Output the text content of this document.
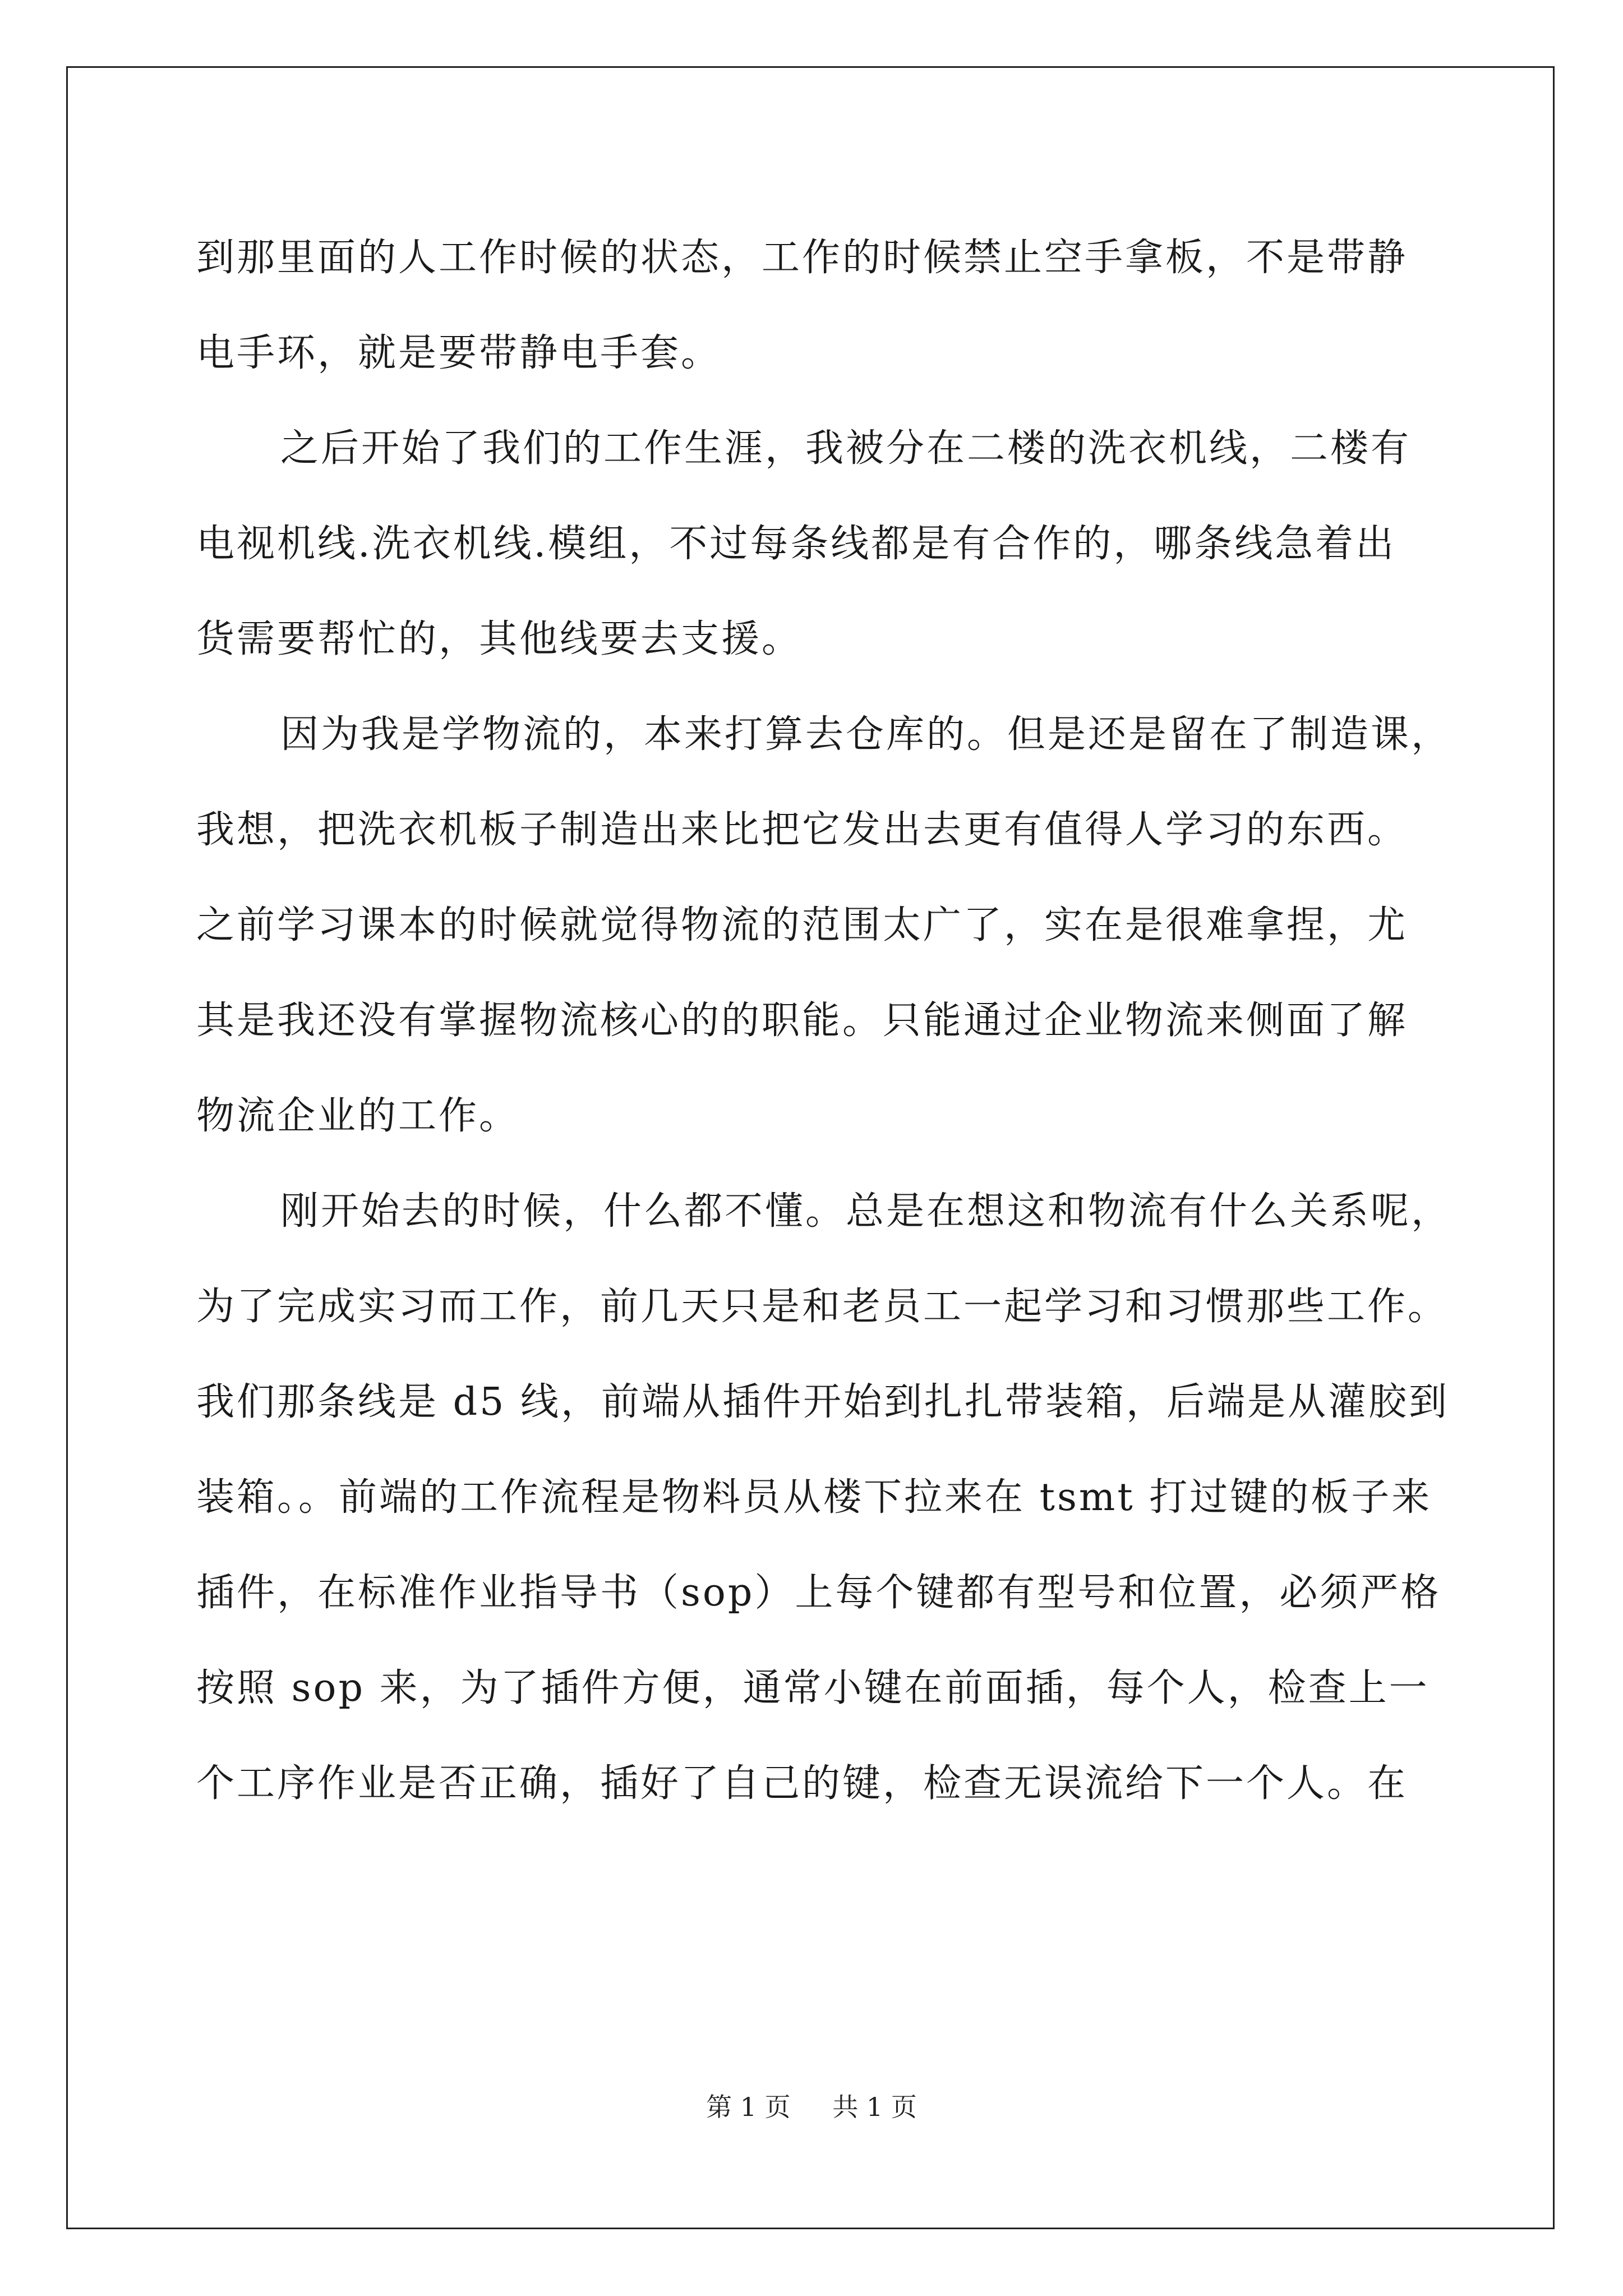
到那里面的人工作时候的状态，工作的时候禁止空手拿板，不是带静
电手环，就是要带静电手套。
之后开始了我们的工作生涯，我被分在二楼的洗衣机线，二楼有
电视机线.洗衣机线.模组，不过每条线都是有合作的，哪条线急着出
货需要帮忙的，其他线要去支援。
因为我是学物流的，本来打算去仓库的。但是还是留在了制造课，
我想，把洗衣机板子制造出来比把它发出去更有值得人学习的东西。
之前学习课本的时候就觉得物流的范围太广了，实在是很难拿捏，尤
其是我还没有掌握物流核心的的职能。只能通过企业物流来侧面了解
物流企业的工作。
刚开始去的时候，什么都不懂。总是在想这和物流有什么关系呢，
为了完成实习而工作，前几天只是和老员工一起学习和习惯那些工作。
我们那条线是 d5 线，前端从插件开始到扎扎带装箱，后端是从灌胶到
装箱。。前端的工作流程是物料员从楼下拉来在 tsmt 打过键的板子来
插件，在标准作业指导书（sop）上每个键都有型号和位置，必须严格
按照 sop 来，为了插件方便，通常小键在前面插，每个人，检查上一
个工序作业是否正确，插好了自己的键，检查无误流给下一个人。在
第 1 页 共 1 页
